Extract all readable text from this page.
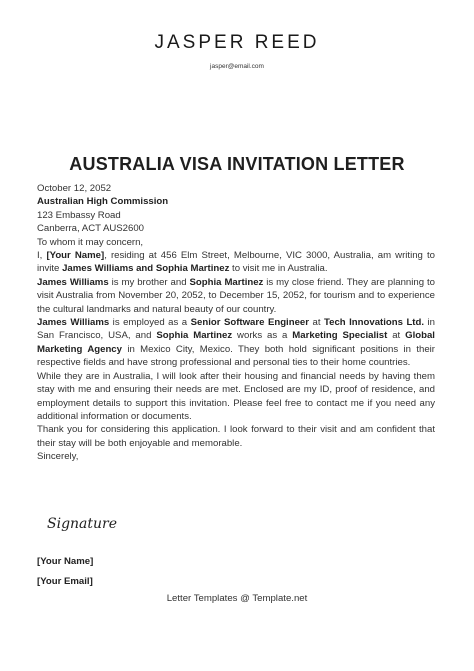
JASPER REED
jasper@email.com
AUSTRALIA VISA INVITATION LETTER

October 12, 2052

Australian High Commission

123 Embassy Road

Canberra, ACT AUS2600

To whom it may concern,

I, [Your Name], residing at 456 Elm Street, Melbourne, VIC 3000, Australia, am writing to invite James Williams and Sophia Martinez to visit me in Australia.

James Williams is my brother and Sophia Martinez is my close friend. They are planning to visit Australia from November 20, 2052, to December 15, 2052, for tourism and to experience the cultural landmarks and natural beauty of our country.

James Williams is employed as a Senior Software Engineer at Tech Innovations Ltd. in San Francisco, USA, and Sophia Martinez works as a Marketing Specialist at Global Marketing Agency in Mexico City, Mexico. They both hold significant positions in their respective fields and have strong professional and personal ties to their home countries.

While they are in Australia, I will look after their housing and financial needs by having them stay with me and ensuring their needs are met. Enclosed are my ID, proof of residence, and employment details to support this invitation. Please feel free to contact me if you need any additional information or documents.

Thank you for considering this application. I look forward to their visit and am confident that their stay will be both enjoyable and memorable.

Sincerely,

Signature
[Your Name]
[Your Email]
Letter Templates @ Template.net
